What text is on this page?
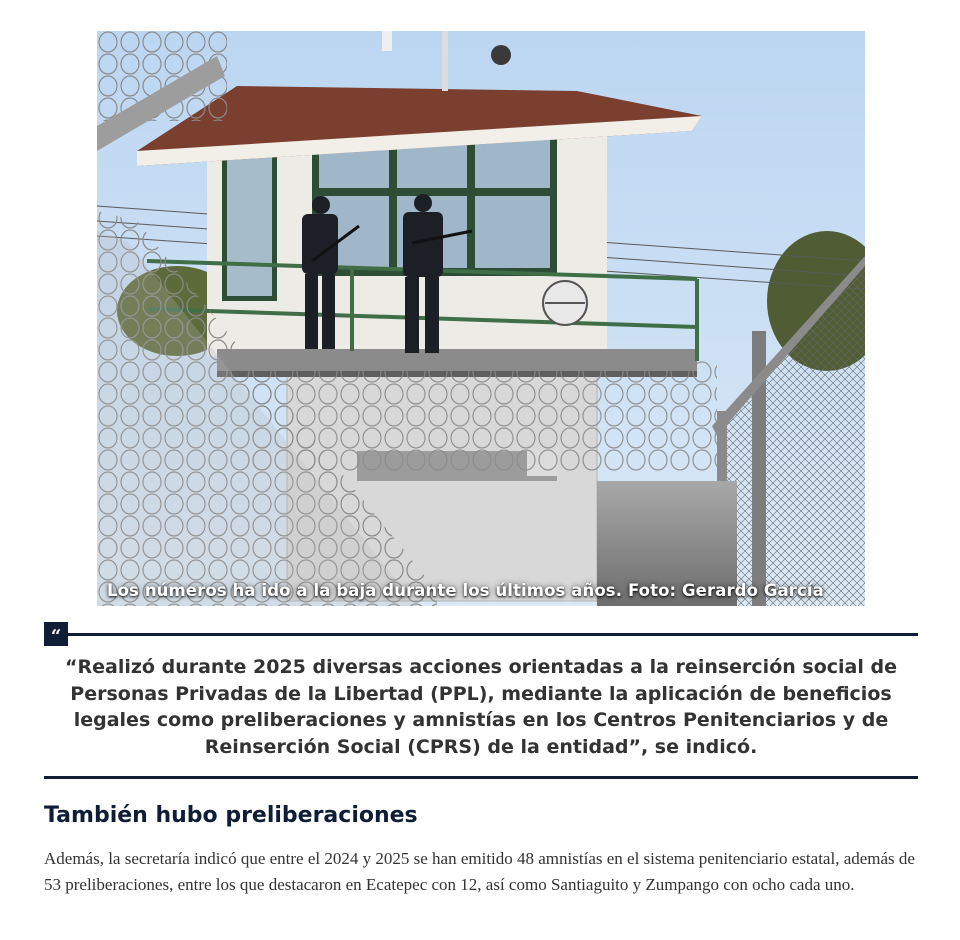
Los números ha ido a la baja durante los últimos años. Foto: Gerardo García
“

“Realizó durante 2025 diversas acciones orientadas a la reinserción social de Personas Privadas de la Libertad (PPL), mediante la aplicación de beneficios legales como preliberaciones y amnistías en los Centros Penitenciarios y de Reinserción Social (CPRS) de la entidad”, se indicó.

También hubo preliberaciones

Además, la secretaría indicó que entre el 2024 y 2025 se han emitido 48 amnistías en el sistema penitenciario estatal, además de 53 preliberaciones, entre los que destacaron en Ecatepec con 12, así como Santiaguito y Zumpango con ocho cada uno.
